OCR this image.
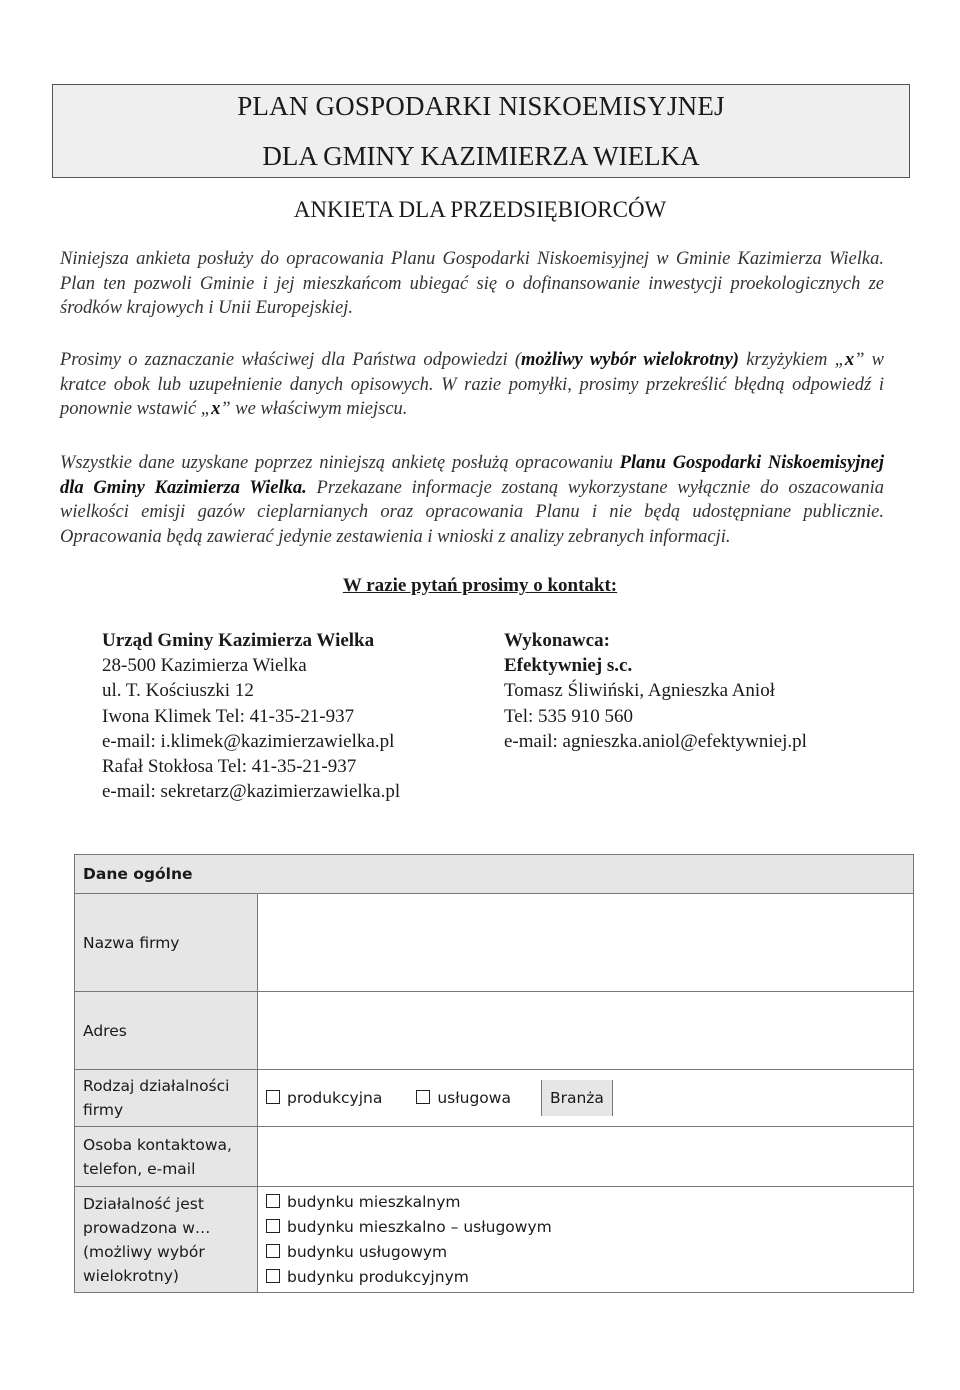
PLAN GOSPODARKI NISKOEMISYJNEJ
DLA GMINY KAZIMIERZA WIELKA
ANKIETA DLA PRZEDSIĘBIORCÓW
Niniejsza ankieta posłuży do opracowania Planu Gospodarki Niskoemisyjnej w Gminie Kazimierza Wielka. Plan ten pozwoli Gminie i jej mieszkańcom ubiegać się o dofinansowanie inwestycji proekologicznych ze środków krajowych i Unii Europejskiej.
Prosimy o zaznaczanie właściwej dla Państwa odpowiedzi (możliwy wybór wielokrotny) krzyżykiem „x” w kratce obok lub uzupełnienie danych opisowych. W razie pomyłki, prosimy przekreślić błędną odpowiedź i ponownie wstawić „x” we właściwym miejscu.
Wszystkie dane uzyskane poprzez niniejszą ankietę posłużą opracowaniu Planu Gospodarki Niskoemisyjnej dla Gminy Kazimierza Wielka. Przekazane informacje zostaną wykorzystane wyłącznie do oszacowania wielkości emisji gazów cieplarnianych oraz opracowania Planu i nie będą udostępniane publicznie. Opracowania będą zawierać jedynie zestawienia i wnioski z analizy zebranych informacji.
W razie pytań prosimy o kontakt:
Urząd Gminy Kazimierza Wielka
28-500 Kazimierza Wielka
ul. T. Kościuszki 12
Iwona Klimek Tel: 41-35-21-937
e-mail: i.klimek@kazimierzawielka.pl
Rafał Stokłosa Tel: 41-35-21-937
e-mail: sekretarz@kazimierzawielka.pl
Wykonawca:
Efektywniej s.c.
Tomasz Śliwiński, Agnieszka Anioł
Tel: 535 910 560
e-mail: agnieszka.aniol@efektywniej.pl
Dane ogólne	
Nazwa firmy	
Adres	
Rodzaj działalności firmy	produkcyjna usługowa Branża
Osoba kontaktowa, telefon, e-mail	
Działalność jest prowadzona w… (możliwy wybór wielokrotny)	budynku mieszkalnym
budynku mieszkalno – usługowym
budynku usługowym
budynku produkcyjnym
